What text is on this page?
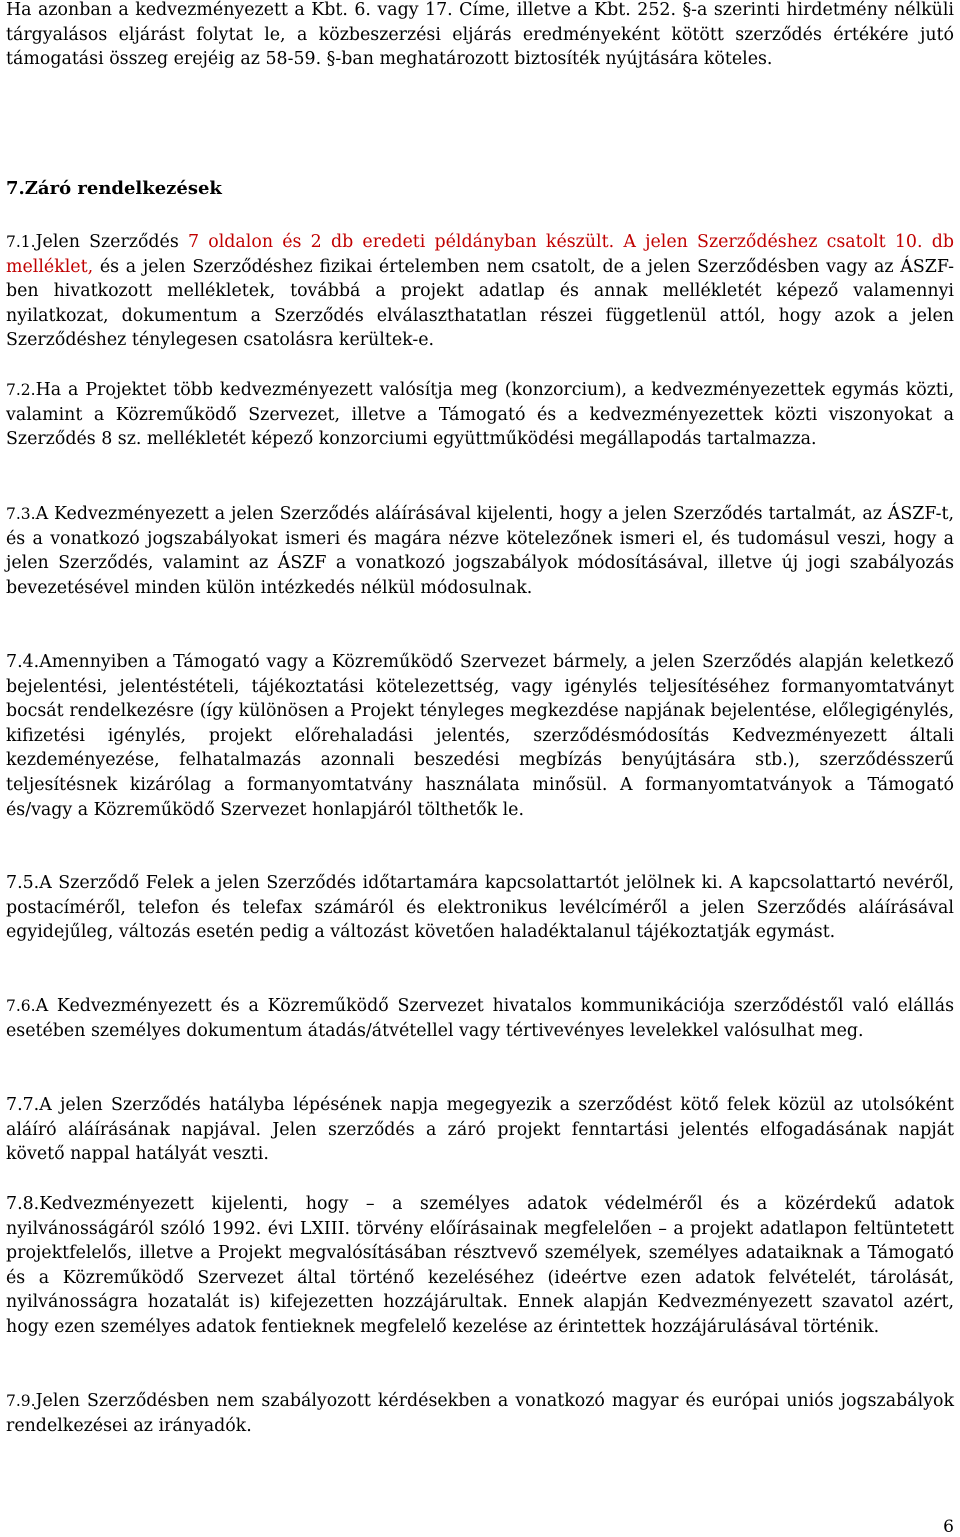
Ha azonban a kedvezményezett a Kbt. 6. vagy 17. Címe, illetve a Kbt. 252. §-a szerinti hirdetmény nélküli tárgyalásos eljárást folytat le, a közbeszerzési eljárás eredményeként kötött szerződés értékére jutó támogatási összeg erejéig az 58-59. §-ban meghatározott biztosíték nyújtására köteles.

7.Záró rendelkezések

7.1.Jelen Szerződés 7 oldalon és 2 db eredeti példányban készült. A jelen Szerződéshez csatolt 10. db melléklet, és a jelen Szerződéshez fizikai értelemben nem csatolt, de a jelen Szerződésben vagy az ÁSZF-ben hivatkozott mellékletek, továbbá a projekt adatlap és annak mellékletét képező valamennyi nyilatkozat, dokumentum a Szerződés elválaszthatatlan részei függetlenül attól, hogy azok a jelen Szerződéshez ténylegesen csatolásra kerültek-e.

7.2.Ha a Projektet több kedvezményezett valósítja meg (konzorcium), a kedvezményezettek egymás közti, valamint a Közreműködő Szervezet, illetve a Támogató és a kedvezményezettek közti viszonyokat a Szerződés 8 sz. mellékletét képező konzorciumi együttműködési megállapodás tartalmazza.

7.3.A Kedvezményezett a jelen Szerződés aláírásával kijelenti, hogy a jelen Szerződés tartalmát, az ÁSZF-t, és a vonatkozó jogszabályokat ismeri és magára nézve kötelezőnek ismeri el, és tudomásul veszi, hogy a jelen Szerződés, valamint az ÁSZF a vonatkozó jogszabályok módosításával, illetve új jogi szabályozás bevezetésével minden külön intézkedés nélkül módosulnak.

7.4.Amennyiben a Támogató vagy a Közreműködő Szervezet bármely, a jelen Szerződés alapján keletkező bejelentési, jelentéstételi, tájékoztatási kötelezettség, vagy igénylés teljesítéséhez formanyomtatványt bocsát rendelkezésre (így különösen a Projekt tényleges megkezdése napjának bejelentése, előlegigénylés, kifizetési igénylés, projekt előrehaladási jelentés, szerződésmódosítás Kedvezményezett általi kezdeményezése, felhatalmazás azonnali beszedési megbízás benyújtására stb.), szerződésszerű teljesítésnek kizárólag a formanyomtatvány használata minősül. A formanyomtatványok a Támogató és/vagy a Közreműködő Szervezet honlapjáról tölthetők le.

7.5.A Szerződő Felek a jelen Szerződés időtartamára kapcsolattartót jelölnek ki. A kapcsolattartó nevéről, postacíméről, telefon és telefax számáról és elektronikus levélcíméről a jelen Szerződés aláírásával egyidejűleg, változás esetén pedig a változást követően haladéktalanul tájékoztatják egymást.

7.6.A Kedvezményezett és a Közreműködő Szervezet hivatalos kommunikációja szerződéstől való elállás esetében személyes dokumentum átadás/átvétellel vagy tértivevényes levelekkel valósulhat meg.

7.7.A jelen Szerződés hatályba lépésének napja megegyezik a szerződést kötő felek közül az utolsóként aláíró aláírásának napjával. Jelen szerződés a záró projekt fenntartási jelentés elfogadásának napját követő nappal hatályát veszti.

7.8.Kedvezményezett kijelenti, hogy – a személyes adatok védelméről és a közérdekű adatok nyilvánosságáról szóló 1992. évi LXIII. törvény előírásainak megfelelően – a projekt adatlapon feltüntetett projektfelelős, illetve a Projekt megvalósításában résztvevő személyek, személyes adataiknak a Támogató és a Közreműködő Szervezet által történő kezeléséhez (ideértve ezen adatok felvételét, tárolását, nyilvánosságra hozatalát is) kifejezetten hozzájárultak. Ennek alapján Kedvezményezett szavatol azért, hogy ezen személyes adatok fentieknek megfelelő kezelése az érintettek hozzájárulásával történik.

7.9.Jelen Szerződésben nem szabályozott kérdésekben a vonatkozó magyar és európai uniós jogszabályok rendelkezései az irányadók.

6
